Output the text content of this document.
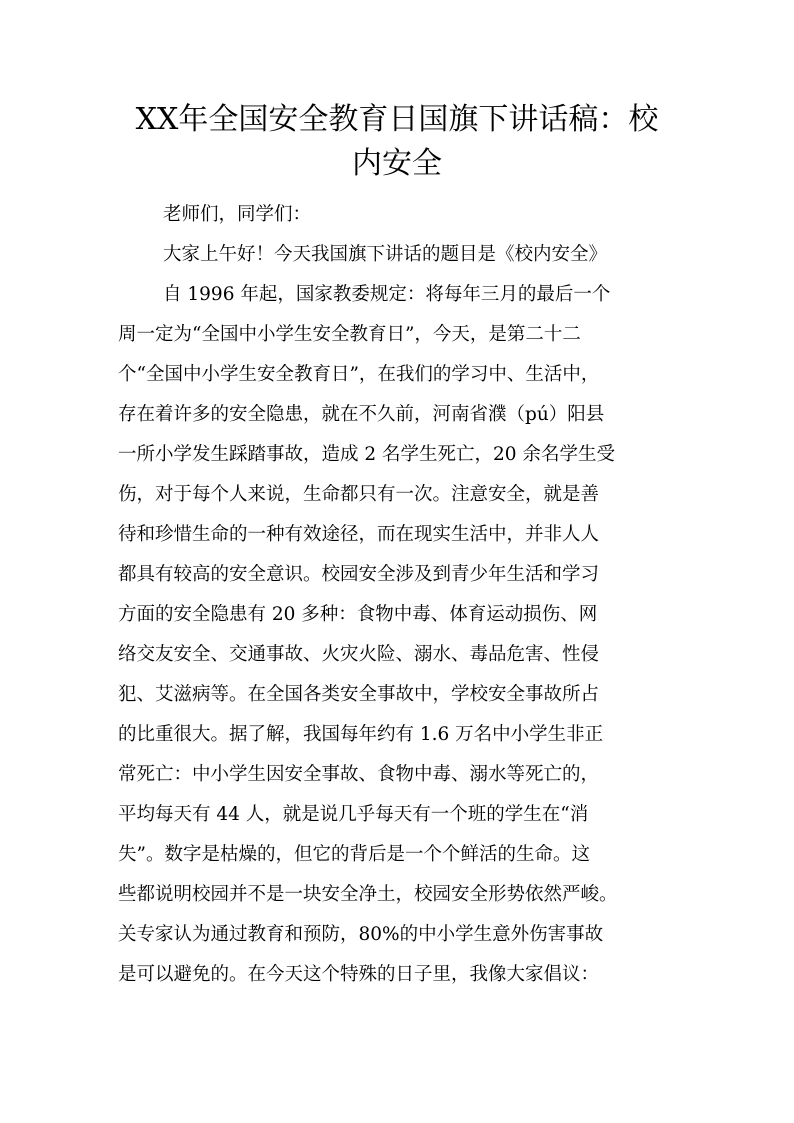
XX年全国安全教育日国旗下讲话稿：校
内安全
老师们，同学们：
大家上午好！今天我国旗下讲话的题目是《校内安全》
自 1996 年起，国家教委规定：将每年三月的最后一个
周一定为“全国中小学生安全教育日”，今天，是第二十二
个“全国中小学生安全教育日”，在我们的学习中、生活中，
存在着许多的安全隐患，就在不久前，河南省濮（pú）阳县
一所小学发生踩踏事故，造成 2 名学生死亡，20 余名学生受
伤，对于每个人来说，生命都只有一次。注意安全，就是善
待和珍惜生命的一种有效途径，而在现实生活中，并非人人
都具有较高的安全意识。校园安全涉及到青少年生活和学习
方面的安全隐患有 20 多种：食物中毒、体育运动损伤、网
络交友安全、交通事故、火灾火险、溺水、毒品危害、性侵
犯、艾滋病等。在全国各类安全事故中，学校安全事故所占
的比重很大。据了解，我国每年约有 1.6 万名中小学生非正
常死亡：中小学生因安全事故、食物中毒、溺水等死亡的，
平均每天有 44 人，就是说几乎每天有一个班的学生在“消
失”。数字是枯燥的，但它的背后是一个个鲜活的生命。这
些都说明校园并不是一块安全净土，校园安全形势依然严峻。
关专家认为通过教育和预防，80%的中小学生意外伤害事故
是可以避免的。在今天这个特殊的日子里，我像大家倡议：
